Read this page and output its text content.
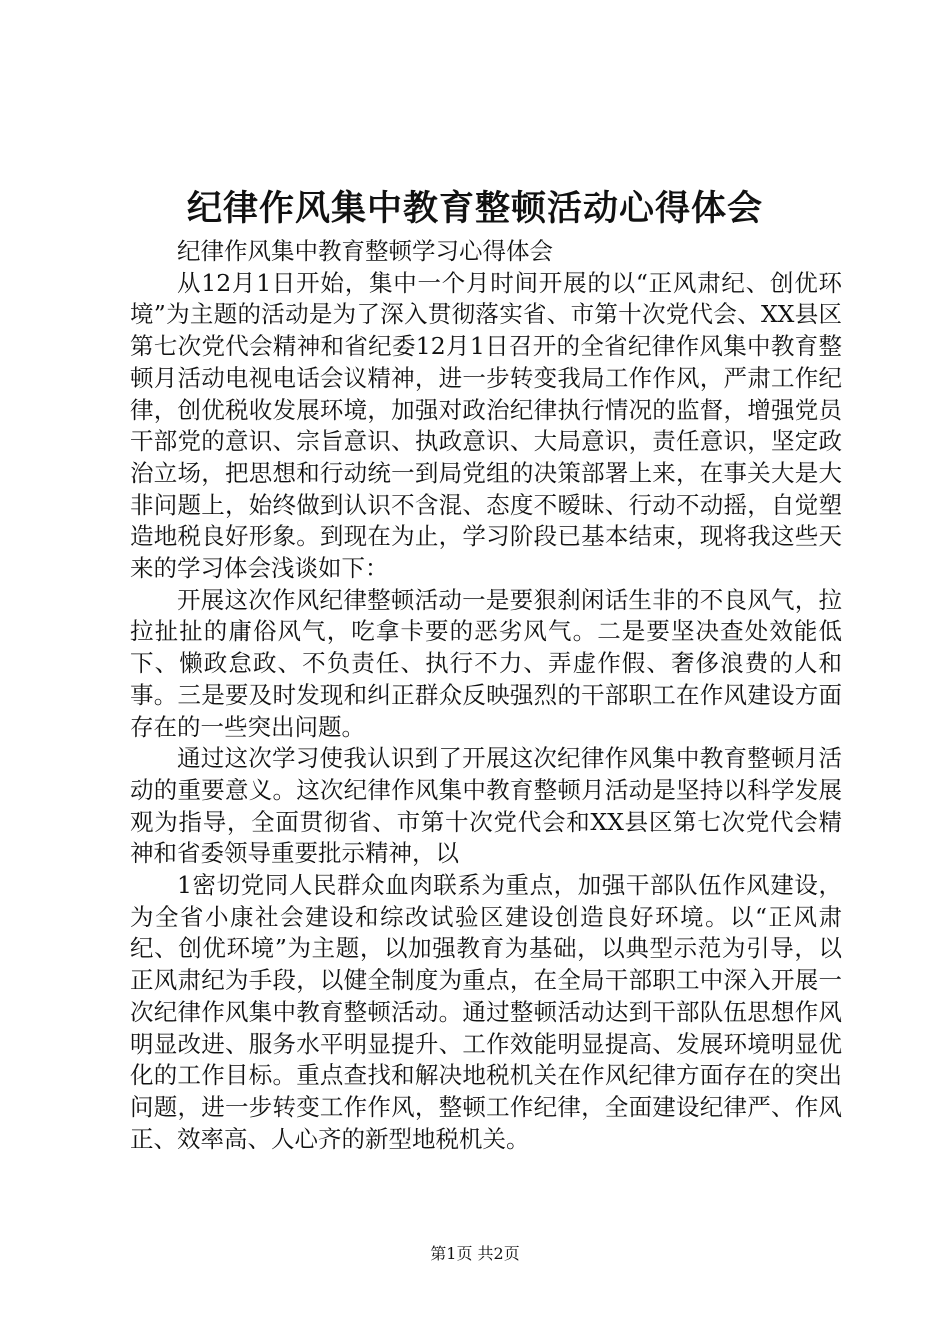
纪律作风集中教育整顿活动心得体会

纪律作风集中教育整顿学习心得体会

从12月1日开始，集中一个月时间开展的以“正风肃纪、创优环境”为主题的活动是为了深入贯彻落实省、市第十次党代会、XX县区第七次党代会精神和省纪委12月1日召开的全省纪律作风集中教育整顿月活动电视电话会议精神，进一步转变我局工作作风，严肃工作纪律，创优税收发展环境，加强对政治纪律执行情况的监督，增强党员干部党的意识、宗旨意识、执政意识、大局意识，责任意识，坚定政治立场，把思想和行动统一到局党组的决策部署上来，在事关大是大非问题上，始终做到认识不含混、态度不暧昧、行动不动摇，自觉塑造地税良好形象。到现在为止，学习阶段已基本结束，现将我这些天来的学习体会浅谈如下：

开展这次作风纪律整顿活动一是要狠刹闲话生非的不良风气，拉拉扯扯的庸俗风气，吃拿卡要的恶劣风气。二是要坚决查处效能低下、懒政怠政、不负责任、执行不力、弄虚作假、奢侈浪费的人和事。三是要及时发现和纠正群众反映强烈的干部职工在作风建设方面存在的一些突出问题。

通过这次学习使我认识到了开展这次纪律作风集中教育整顿月活动的重要意义。这次纪律作风集中教育整顿月活动是坚持以科学发展观为指导，全面贯彻省、市第十次党代会和XX县区第七次党代会精神和省委领导重要批示精神，以

1密切党同人民群众血肉联系为重点，加强干部队伍作风建设，为全省小康社会建设和综改试验区建设创造良好环境。以“正风肃纪、创优环境”为主题，以加强教育为基础，以典型示范为引导，以正风肃纪为手段，以健全制度为重点，在全局干部职工中深入开展一次纪律作风集中教育整顿活动。通过整顿活动达到干部队伍思想作风明显改进、服务水平明显提升、工作效能明显提高、发展环境明显优化的工作目标。重点查找和解决地税机关在作风纪律方面存在的突出问题，进一步转变工作作风，整顿工作纪律，全面建设纪律严、作风正、效率高、人心齐的新型地税机关。

第1页 共2页
